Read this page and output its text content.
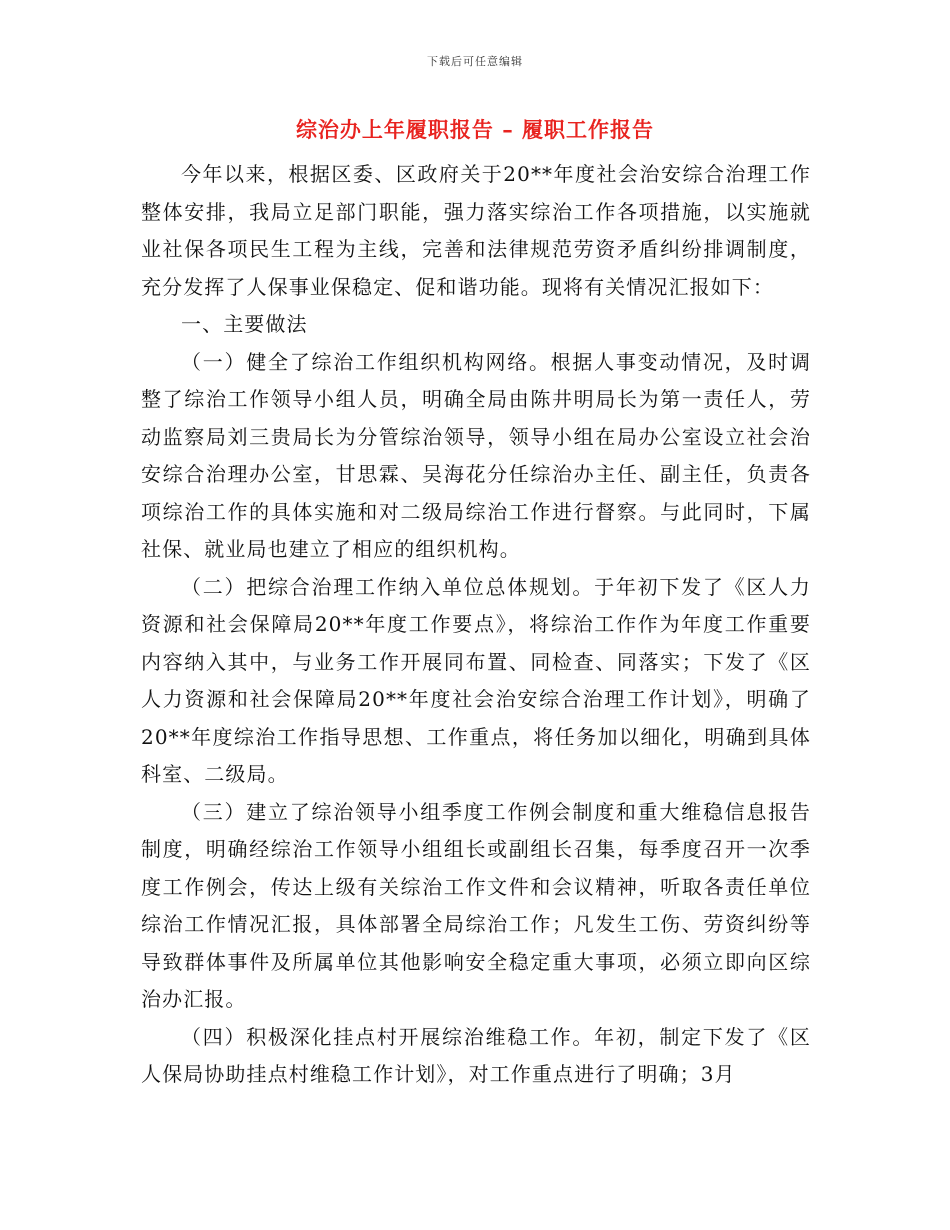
下载后可任意编辑
综治办上年履职报告 – 履职工作报告

今年以来，根据区委、区政府关于20**年度社会治安综合治理工作整体安排，我局立足部门职能，强力落实综治工作各项措施，以实施就业社保各项民生工程为主线，完善和法律规范劳资矛盾纠纷排调制度，充分发挥了人保事业保稳定、促和谐功能。现将有关情况汇报如下：

一、主要做法

（一）健全了综治工作组织机构网络。根据人事变动情况，及时调整了综治工作领导小组人员，明确全局由陈井明局长为第一责任人，劳动监察局刘三贵局长为分管综治领导，领导小组在局办公室设立社会治安综合治理办公室，甘思霖、吴海花分任综治办主任、副主任，负责各项综治工作的具体实施和对二级局综治工作进行督察。与此同时，下属社保、就业局也建立了相应的组织机构。

（二）把综合治理工作纳入单位总体规划。于年初下发了《区人力资源和社会保障局20**年度工作要点》，将综治工作作为年度工作重要内容纳入其中，与业务工作开展同布置、同检查、同落实；下发了《区人力资源和社会保障局20**年度社会治安综合治理工作计划》，明确了20**年度综治工作指导思想、工作重点，将任务加以细化，明确到具体科室、二级局。

（三）建立了综治领导小组季度工作例会制度和重大维稳信息报告制度，明确经综治工作领导小组组长或副组长召集，每季度召开一次季度工作例会，传达上级有关综治工作文件和会议精神，听取各责任单位综治工作情况汇报，具体部署全局综治工作；凡发生工伤、劳资纠纷等导致群体事件及所属单位其他影响安全稳定重大事项，必须立即向区综治办汇报。

（四）积极深化挂点村开展综治维稳工作。年初，制定下发了《区人保局协助挂点村维稳工作计划》，对工作重点进行了明确；3月
